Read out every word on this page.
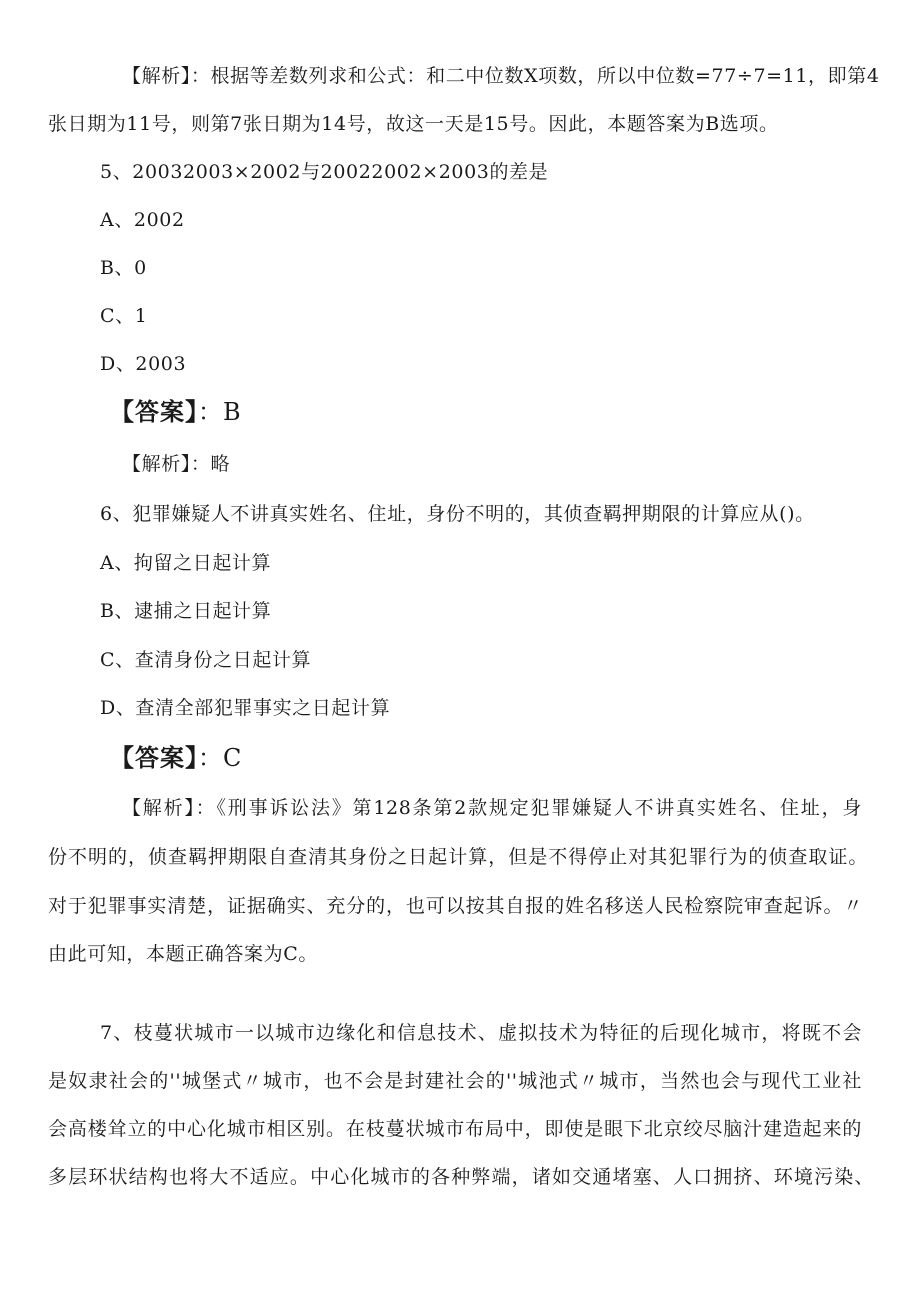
【解析】：根据等差数列求和公式：和二中位数X项数，所以中位数=77÷7=11，即第4
张日期为11号，则第7张日期为14号，故这一天是15号。因此，本题答案为B选项。
5、20032003×2002与20022002×2003的差是
A、2002
B、0
C、1
D、2003
【答案】：B
【解析】：略
6、犯罪嫌疑人不讲真实姓名、住址，身份不明的，其侦查羁押期限的计算应从()。
A、拘留之日起计算
B、逮捕之日起计算
C、查清身份之日起计算
D、查清全部犯罪事实之日起计算
【答案】：C
【解析】：《刑事诉讼法》第128条第2款规定犯罪嫌疑人不讲真实姓名、住址，身
份不明的，侦查羁押期限自查清其身份之日起计算，但是不得停止对其犯罪行为的侦查取证。
对于犯罪事实清楚，证据确实、充分的，也可以按其自报的姓名移送人民检察院审查起诉。〃
由此可知，本题正确答案为C。
7、枝蔓状城市一以城市边缘化和信息技术、虚拟技术为特征的后现化城市，将既不会
是奴隶社会的''城堡式〃城市，也不会是封建社会的''城池式〃城市，当然也会与现代工业社
会高楼耸立的中心化城市相区别。在枝蔓状城市布局中，即使是眼下北京绞尽脑汁建造起来的
多层环状结构也将大不适应。中心化城市的各种弊端，诸如交通堵塞、人口拥挤、环境污染、
